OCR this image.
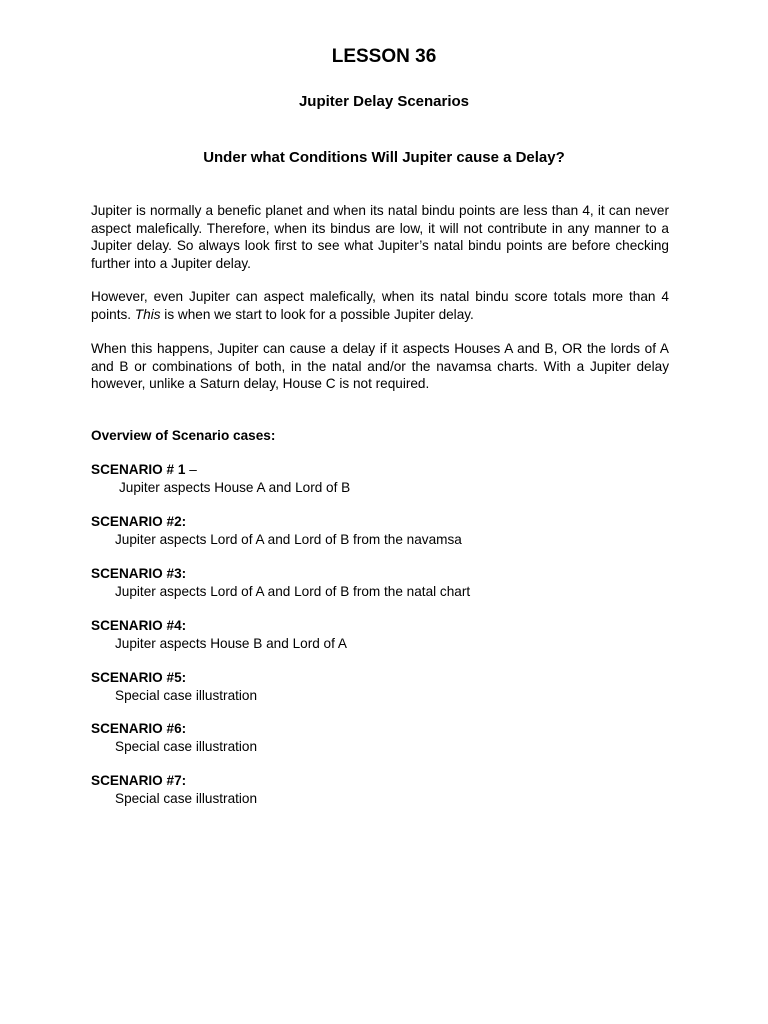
LESSON 36
Jupiter Delay Scenarios
Under what Conditions Will Jupiter cause a Delay?
Jupiter is normally a benefic planet and when its natal bindu points are less than 4, it can never aspect malefically. Therefore, when its bindus are low, it will not contribute in any manner to a Jupiter delay. So always look first to see what Jupiter’s natal bindu points are before checking further into a Jupiter delay.
However, even Jupiter can aspect malefically, when its natal bindu score totals more than 4 points. This is when we start to look for a possible Jupiter delay.
When this happens, Jupiter can cause a delay if it aspects Houses A and B, OR the lords of A and B or combinations of both, in the natal and/or the navamsa charts. With a Jupiter delay however, unlike a Saturn delay, House C is not required.
Overview of Scenario cases:
SCENARIO # 1 –
Jupiter aspects House A and Lord of B
SCENARIO #2:
Jupiter aspects Lord of A and Lord of B from the navamsa
SCENARIO #3:
Jupiter aspects Lord of A and Lord of B from the natal chart
SCENARIO #4:
Jupiter aspects House B and Lord of A
SCENARIO #5:
Special case illustration
SCENARIO #6:
Special case illustration
SCENARIO #7:
Special case illustration
